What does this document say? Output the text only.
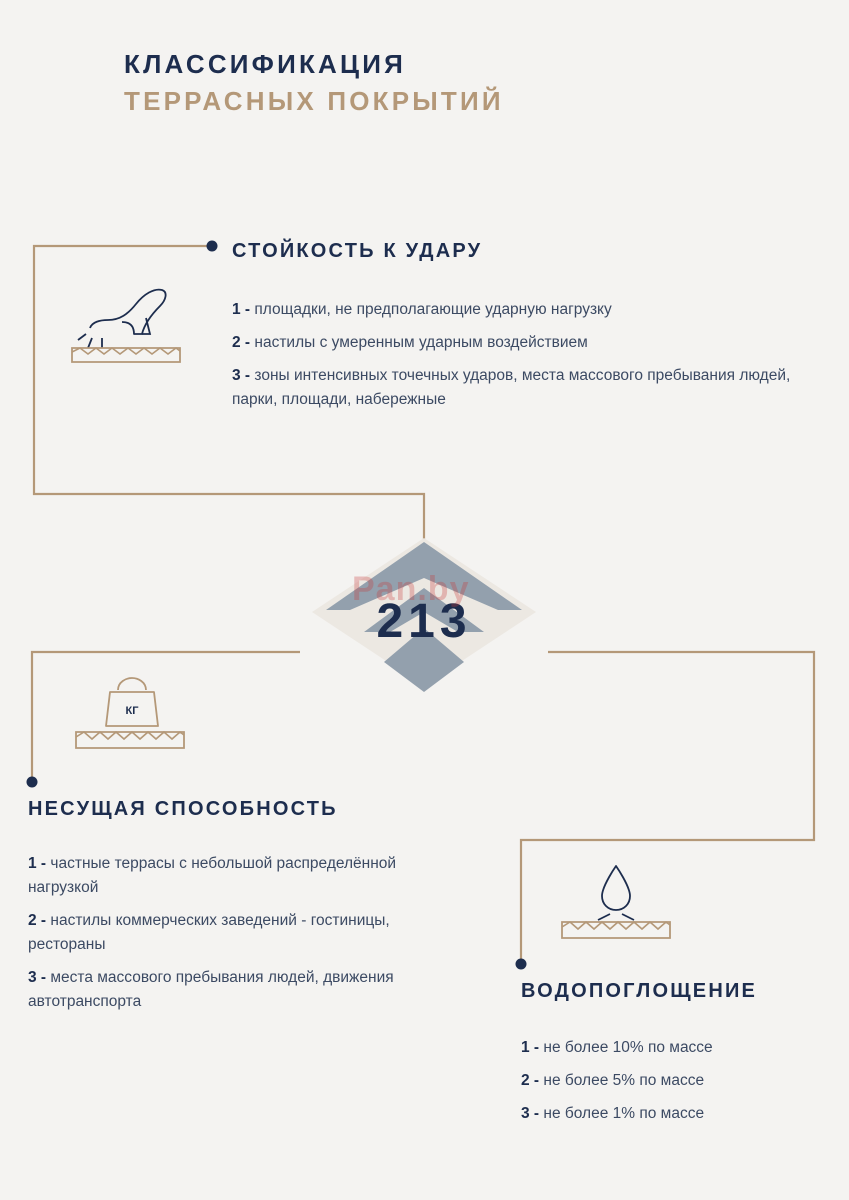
КЛАССИФИКАЦИЯ
ТЕРРАСНЫХ ПОКРЫТИЙ
213
Pan.by
СТОЙКОСТЬ К УДАРУ
1 - площадки, не предполагающие ударную нагрузку
2 - настилы с умеренным ударным воздействием
3 - зоны интенсивных точечных ударов, места массового пребывания людей, парки, площади, набережные
КГ
НЕСУЩАЯ СПОСОБНОСТЬ
1 - частные террасы с небольшой распределённой нагрузкой
2 - настилы коммерческих заведений - гостиницы, рестораны
3 - места массового пребывания людей, движения автотранспорта	ВОДОПОГЛОЩЕНИЕ
1 - не более 10% по массе
2 - не более 5% по массе
3 - не более 1% по массе
